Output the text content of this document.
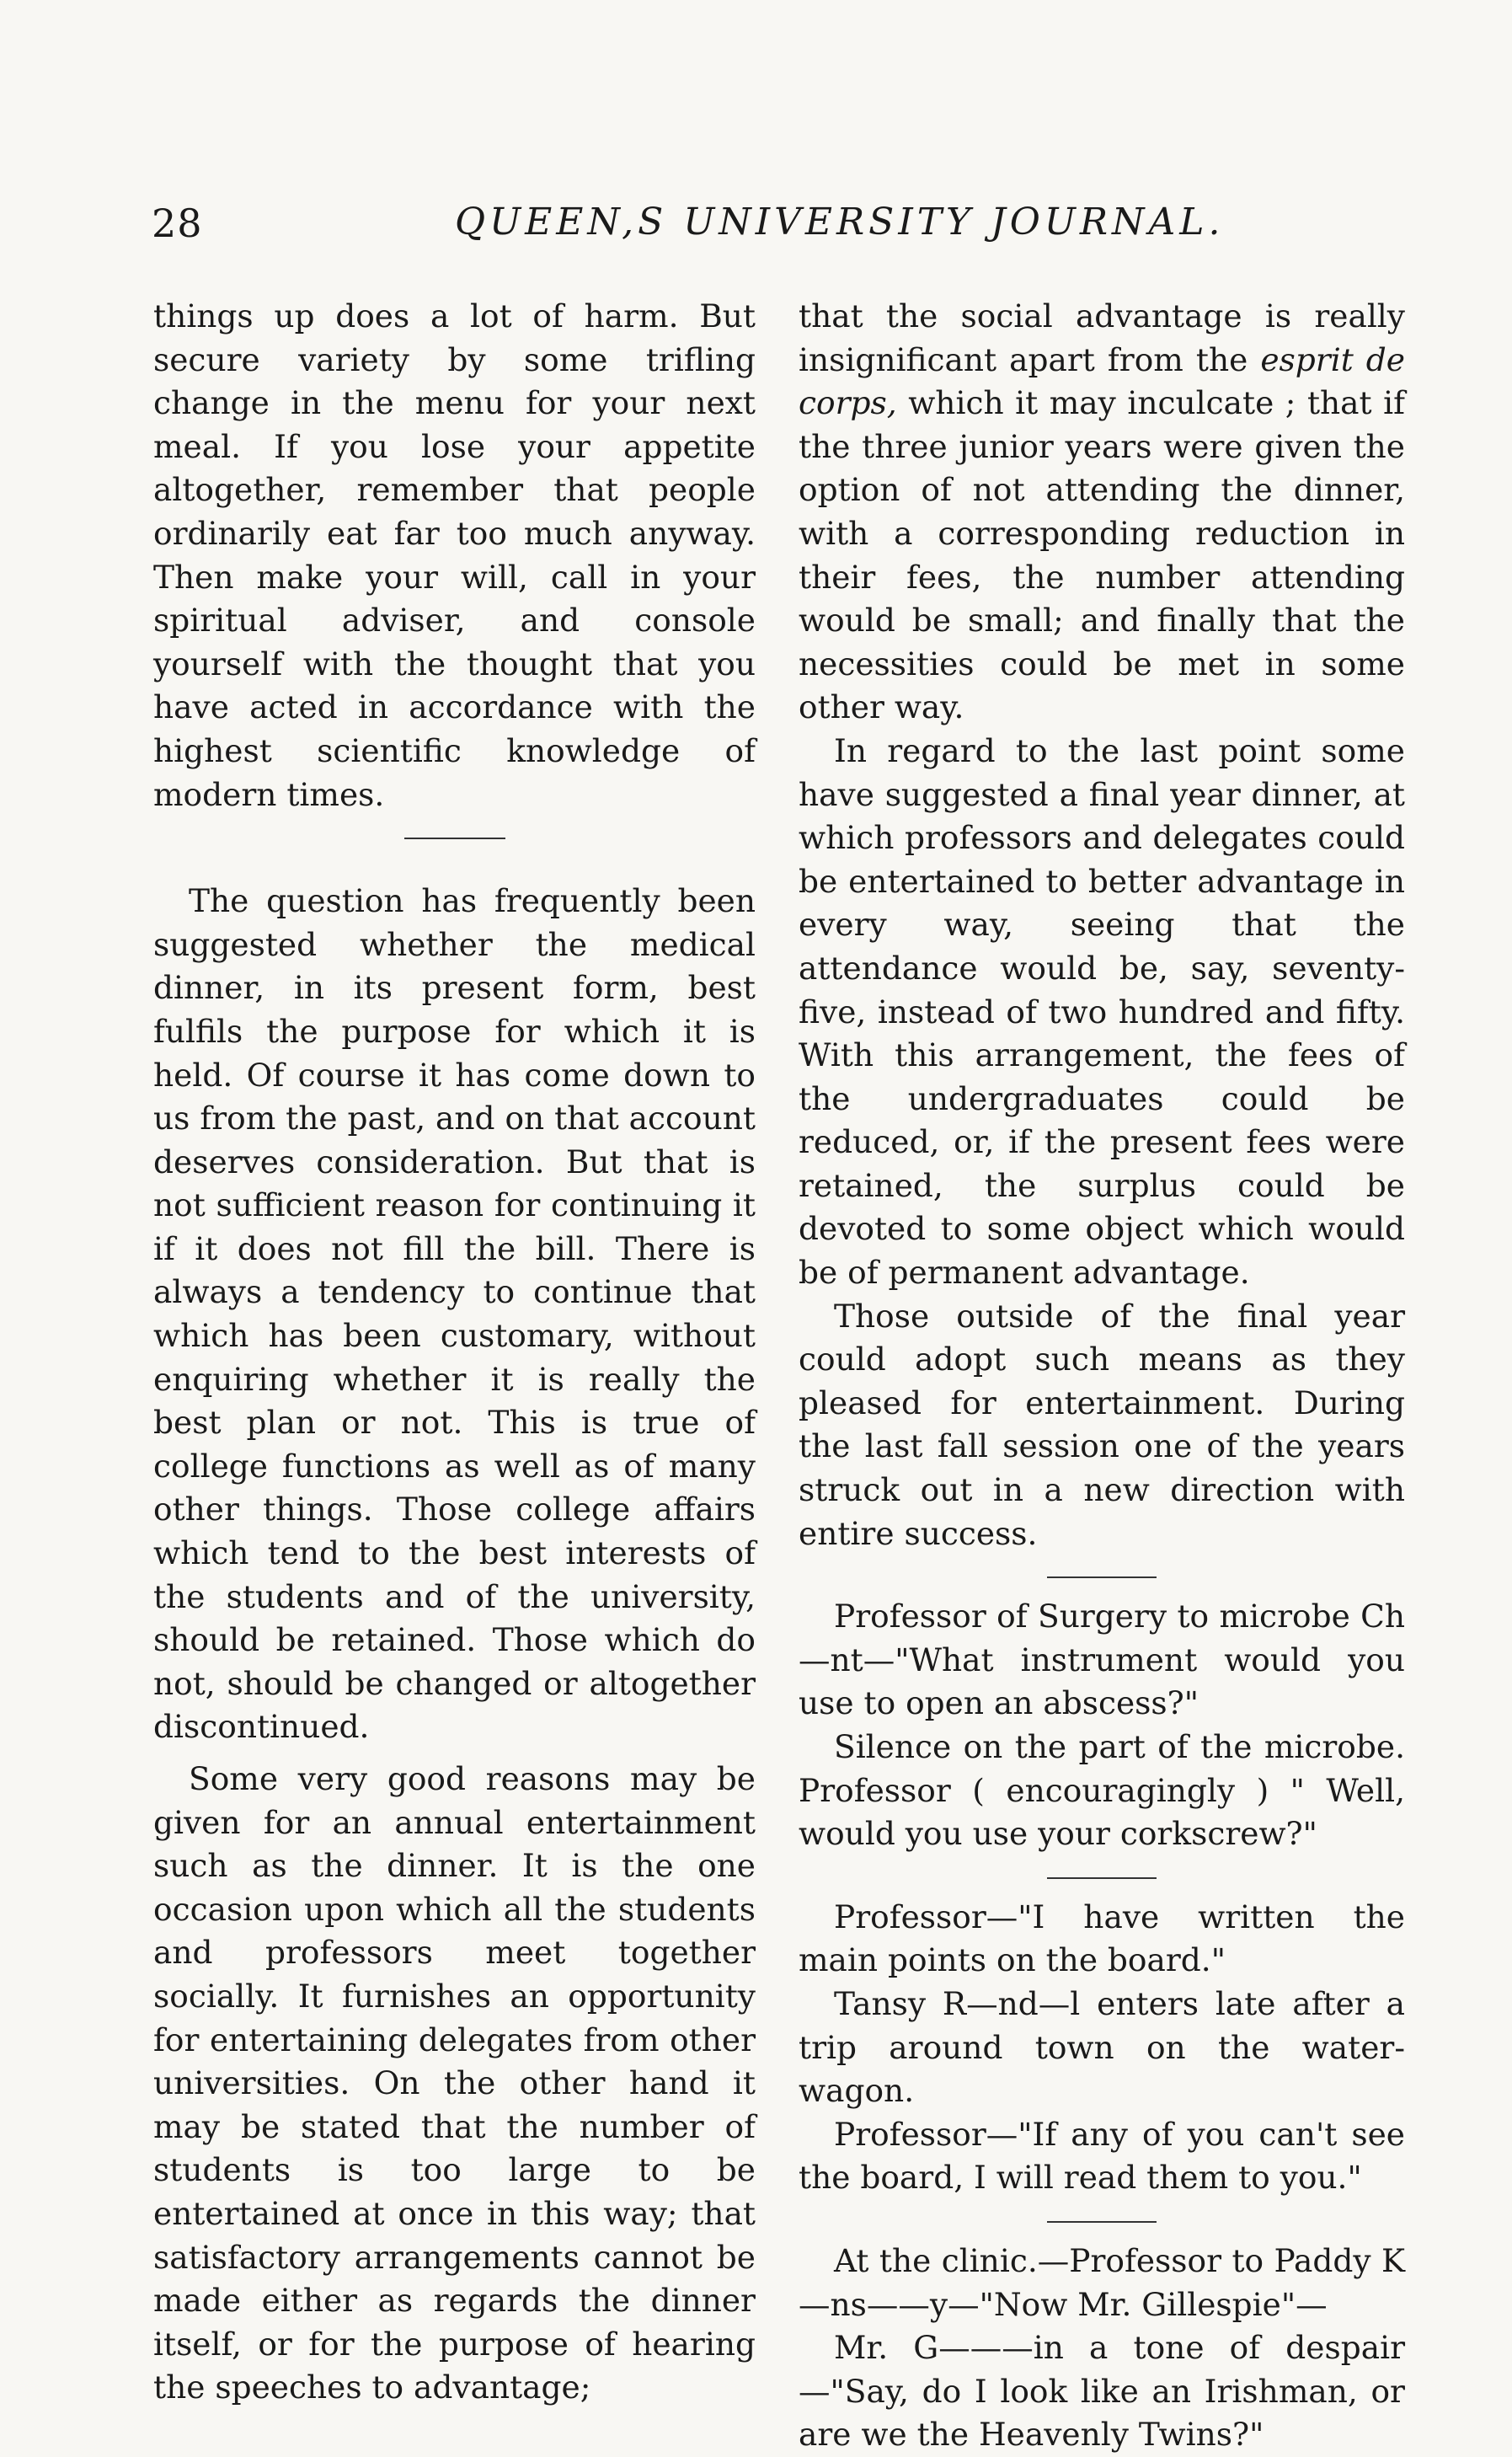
28	QUEEN,S UNIVERSITY JOURNAL.

things up does a lot of harm. But secure variety by some trifling change in the menu for your next meal. If you lose your appetite altogether, remember that people ordinarily eat far too much anyway. Then make your will, call in your spiritual adviser, and console yourself with the thought that you have acted in accordance with the highest scientific knowledge of modern times.

The question has frequently been suggested whether the medical dinner, in its present form, best fulfils the purpose for which it is held. Of course it has come down to us from the past, and on that account deserves consideration. But that is not sufficient reason for continuing it if it does not fill the bill. There is always a tendency to continue that which has been customary, without enquiring whether it is really the best plan or not. This is true of college functions as well as of many other things. Those college affairs which tend to the best interests of the students and of the university, should be retained. Those which do not, should be changed or altogether discontinued.

Some very good reasons may be given for an annual entertainment such as the dinner. It is the one occasion upon which all the students and professors meet together socially. It furnishes an opportunity for entertaining delegates from other universities. On the other hand it may be stated that the number of students is too large to be entertained at once in this way; that satisfactory arrangements cannot be made either as regards the dinner itself, or for the purpose of hearing the speeches to advantage;

that the social advantage is really insignificant apart from the esprit de corps, which it may inculcate ; that if the three junior years were given the option of not attending the dinner, with a corresponding reduction in their fees, the number attending would be small; and finally that the necessities could be met in some other way.

In regard to the last point some have suggested a final year dinner, at which professors and delegates could be entertained to better advantage in every way, seeing that the attendance would be, say, seventy-five, instead of two hundred and fifty. With this arrangement, the fees of the undergraduates could be reduced, or, if the present fees were retained, the surplus could be devoted to some object which would be of permanent advantage.

Those outside of the final year could adopt such means as they pleased for entertainment. During the last fall session one of the years struck out in a new direction with entire success.

Professor of Surgery to microbe Ch—nt—"What instrument would you use to open an abscess?"

Silence on the part of the microbe. Professor ( encouragingly ) " Well, would you use your corkscrew?"

Professor—"I have written the main points on the board."

Tansy R—nd—l enters late after a trip around town on the water-wagon.

Professor—"If any of you can't see the board, I will read them to you."

At the clinic.—Professor to Paddy K—ns——y—"Now Mr. Gillespie"—

Mr. G———in a tone of despair—"Say, do I look like an Irishman, or are we the Heavenly Twins?"
